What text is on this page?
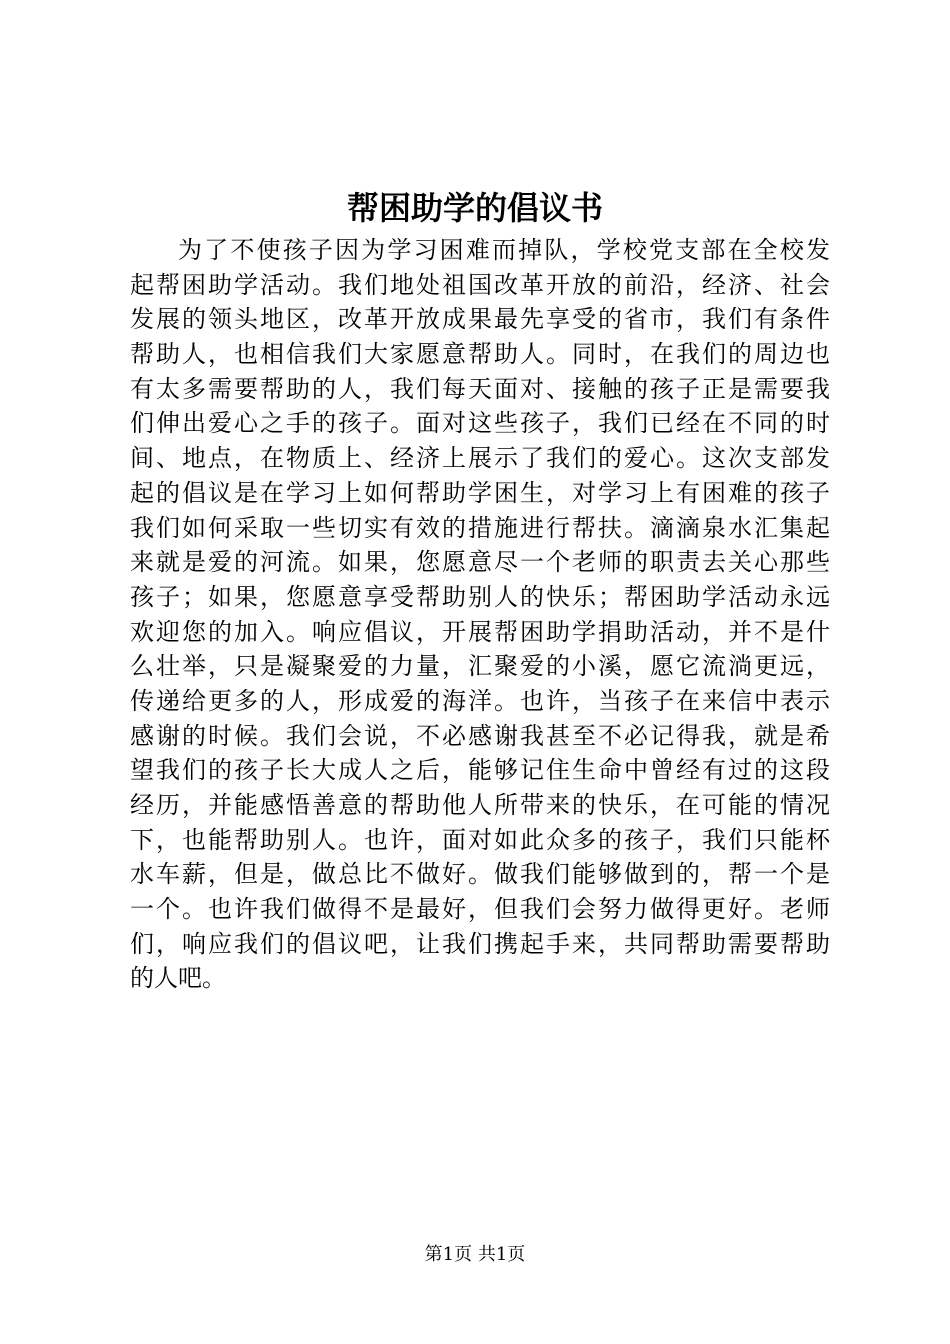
帮困助学的倡议书
为了不使孩子因为学习困难而掉队，学校党支部在全校发
起帮困助学活动。我们地处祖国改革开放的前沿，经济、社会
发展的领头地区，改革开放成果最先享受的省市，我们有条件
帮助人，也相信我们大家愿意帮助人。同时，在我们的周边也
有太多需要帮助的人，我们每天面对、接触的孩子正是需要我
们伸出爱心之手的孩子。面对这些孩子，我们已经在不同的时
间、地点，在物质上、经济上展示了我们的爱心。这次支部发
起的倡议是在学习上如何帮助学困生，对学习上有困难的孩子
我们如何采取一些切实有效的措施进行帮扶。滴滴泉水汇集起
来就是爱的河流。如果，您愿意尽一个老师的职责去关心那些
孩子；如果，您愿意享受帮助别人的快乐；帮困助学活动永远
欢迎您的加入。响应倡议，开展帮困助学捐助活动，并不是什
么壮举，只是凝聚爱的力量，汇聚爱的小溪，愿它流淌更远，
传递给更多的人，形成爱的海洋。也许，当孩子在来信中表示
感谢的时候。我们会说，不必感谢我甚至不必记得我，就是希
望我们的孩子长大成人之后，能够记住生命中曾经有过的这段
经历，并能感悟善意的帮助他人所带来的快乐，在可能的情况
下，也能帮助别人。也许，面对如此众多的孩子，我们只能杯
水车薪，但是，做总比不做好。做我们能够做到的，帮一个是
一个。也许我们做得不是最好，但我们会努力做得更好。老师
们，响应我们的倡议吧，让我们携起手来，共同帮助需要帮助
的人吧。
第1页 共1页
